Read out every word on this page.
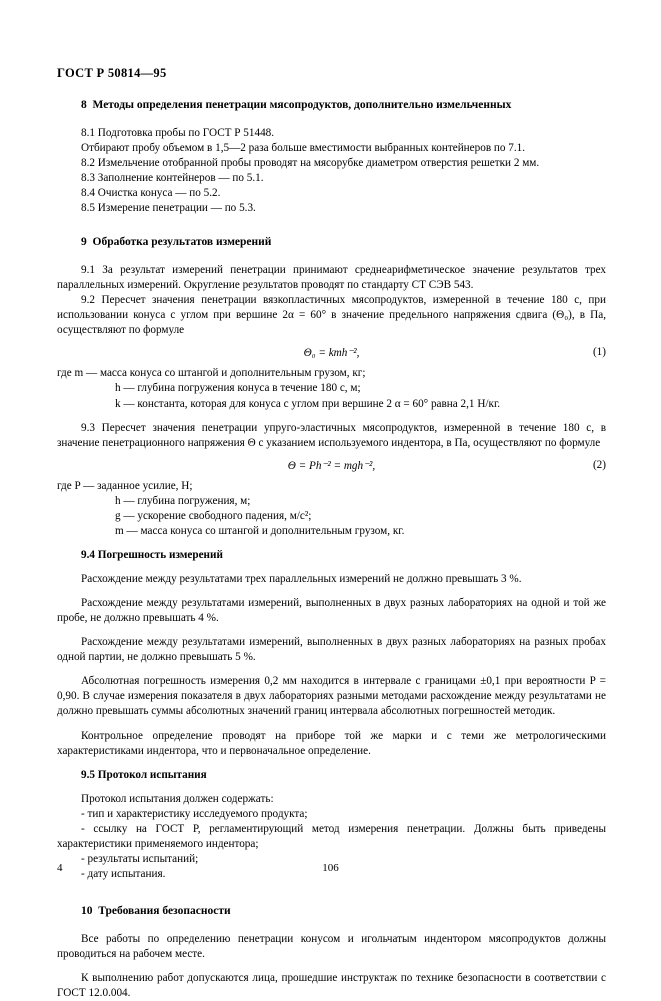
ГОСТ Р 50814—95
8 Методы определения пенетрации мясопродуктов, дополнительно измельченных

8.1 Подготовка пробы по ГОСТ Р 51448.

Отбирают пробу объемом в 1,5—2 раза больше вместимости выбранных контейнеров по 7.1.

8.2 Измельчение отобранной пробы проводят на мясорубке диаметром отверстия решетки 2 мм.

8.3 Заполнение контейнеров — по 5.1.

8.4 Очистка конуса — по 5.2.

8.5 Измерение пенетрации — по 5.3.

9 Обработка результатов измерений

9.1 За результат измерений пенетрации принимают среднеарифметическое значение результатов трех параллельных измерений. Округление результатов проводят по стандарту СТ СЭВ 543.

9.2 Пересчет значения пенетрации вязкопластичных мясопродуктов, измеренной в течение 180 с, при использовании конуса с углом при вершине 2α = 60° в значение предельного напряжения сдвига (Θ₀), в Па, осуществляют по формуле

Θ₀ = kmh⁻²,	(1)

где m — масса конуса со штангой и дополнительным грузом, кг;

h — глубина погружения конуса в течение 180 с, м;

k — константа, которая для конуса с углом при вершине 2 α = 60° равна 2,1 Н/кг.

9.3 Пересчет значения пенетрации упруго-эластичных мясопродуктов, измеренной в течение 180 с, в значение пенетрационного напряжения Θ с указанием используемого индентора, в Па, осуществляют по формуле

Θ = Ph⁻² = mgh⁻²,	(2)

где P — заданное усилие, Н;

h — глубина погружения, м;

g — ускорение свободного падения, м/с²;

m — масса конуса со штангой и дополнительным грузом, кг.

9.4 Погрешность измерений

Расхождение между результатами трех параллельных измерений не должно превышать 3 %.

Расхождение между результатами измерений, выполненных в двух разных лабораториях на одной и той же пробе, не должно превышать 4 %.

Расхождение между результатами измерений, выполненных в двух разных лабораториях на разных пробах одной партии, не должно превышать 5 %.

Абсолютная погрешность измерения 0,2 мм находится в интервале с границами ±0,1 при вероятности P = 0,90. В случае измерения показателя в двух лабораториях разными методами расхождение между результатами не должно превышать суммы абсолютных значений границ интервала абсолютных погрешностей методик.

Контрольное определение проводят на приборе той же марки и с теми же метрологическими характеристиками индентора, что и первоначальное определение.

9.5 Протокол испытания

Протокол испытания должен содержать:

- тип и характеристику исследуемого продукта;

- ссылку на ГОСТ Р, регламентирующий метод измерения пенетрации. Должны быть приведены характеристики применяемого индентора;

- результаты испытаний;

- дату испытания.

10 Требования безопасности

Все работы по определению пенетрации конусом и игольчатым индентором мясопродуктов должны проводиться на рабочем месте.

К выполнению работ допускаются лица, прошедшие инструктаж по технике безопасности в соответствии с ГОСТ 12.0.004.

4	106
